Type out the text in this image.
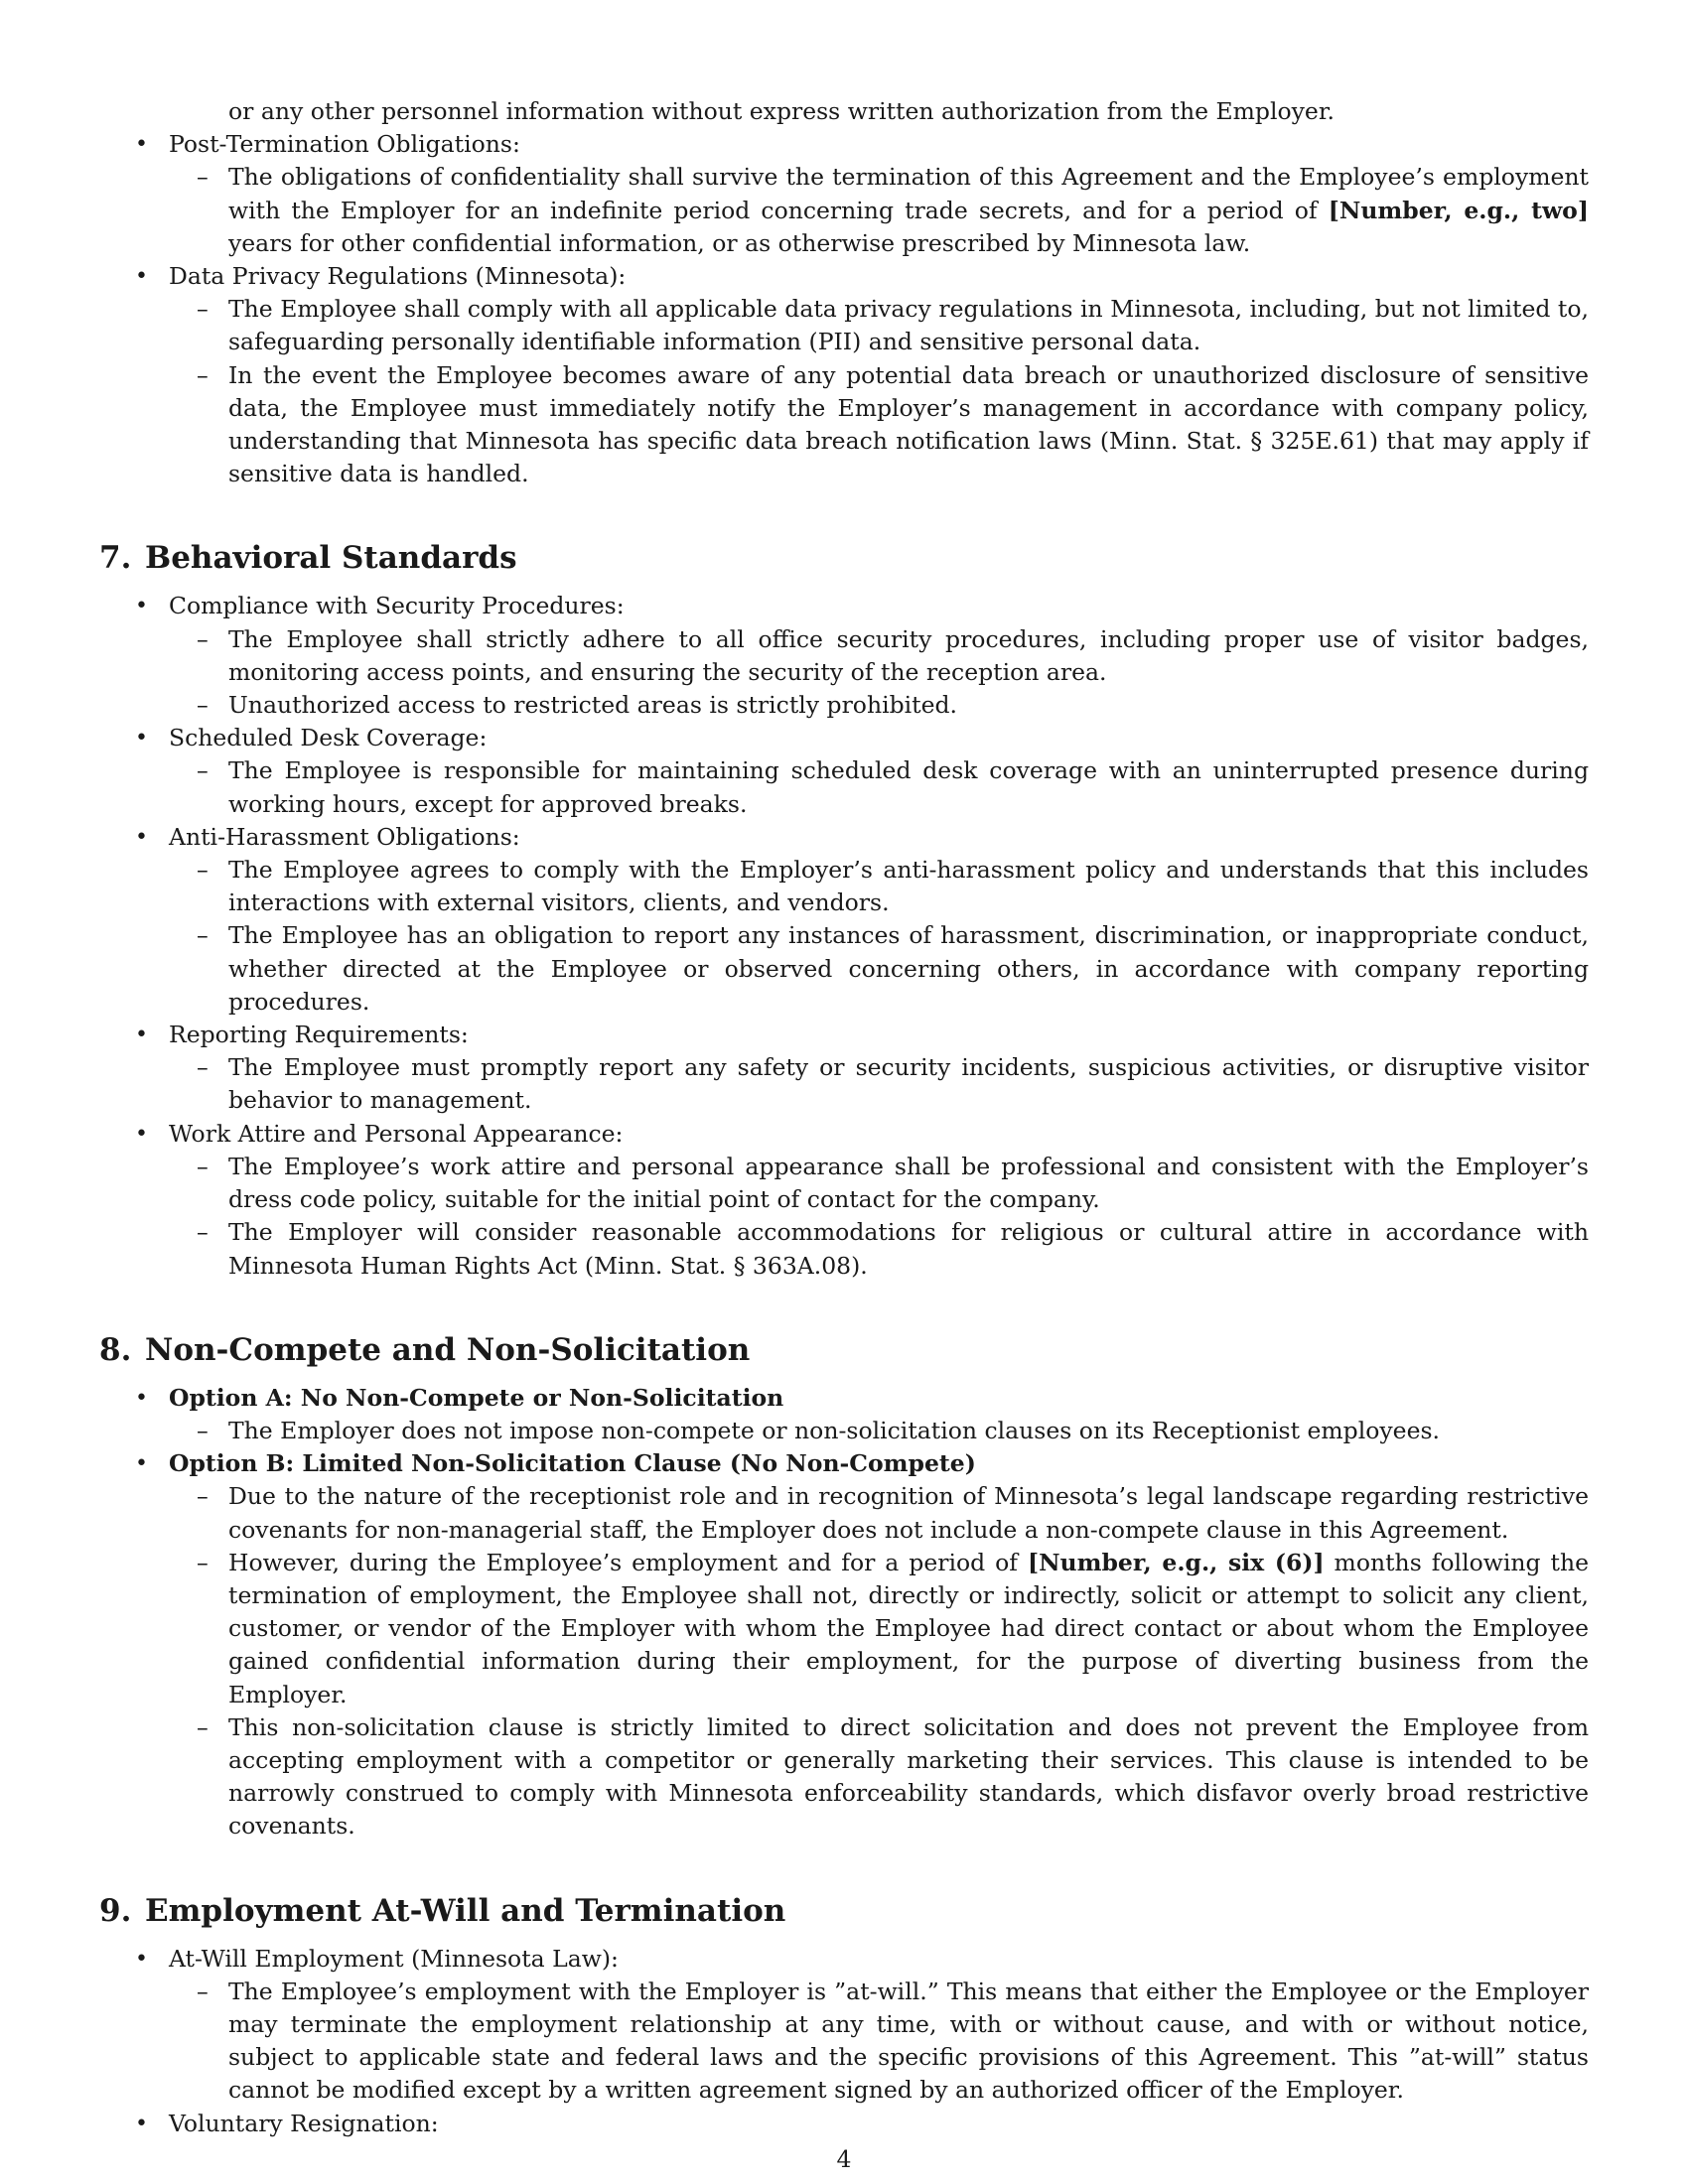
or any other personnel information without express written authorization from the Employer.
• Post-Termination Obligations:
– The obligations of confidentiality shall survive the termination of this Agreement and the Employee’s employment with the Employer for an indefinite period concerning trade secrets, and for a period of [Number, e.g., two] years for other confidential information, or as otherwise prescribed by Minnesota law.
• Data Privacy Regulations (Minnesota):
– The Employee shall comply with all applicable data privacy regulations in Minnesota, including, but not limited to, safeguarding personally identifiable information (PII) and sensitive personal data.
– In the event the Employee becomes aware of any potential data breach or unauthorized disclosure of sensitive data, the Employee must immediately notify the Employer’s management in accordance with company policy, understanding that Minnesota has specific data breach notification laws (Minn. Stat. § 325E.61) that may apply if sensitive data is handled.
7. Behavioral Standards
• Compliance with Security Procedures:
– The Employee shall strictly adhere to all office security procedures, including proper use of visitor badges, monitoring access points, and ensuring the security of the reception area.
– Unauthorized access to restricted areas is strictly prohibited.
• Scheduled Desk Coverage:
– The Employee is responsible for maintaining scheduled desk coverage with an uninterrupted presence during working hours, except for approved breaks.
• Anti-Harassment Obligations:
– The Employee agrees to comply with the Employer’s anti-harassment policy and understands that this includes interactions with external visitors, clients, and vendors.
– The Employee has an obligation to report any instances of harassment, discrimination, or inappropriate conduct, whether directed at the Employee or observed concerning others, in accordance with company reporting procedures.
• Reporting Requirements:
– The Employee must promptly report any safety or security incidents, suspicious activities, or disruptive visitor behavior to management.
• Work Attire and Personal Appearance:
– The Employee’s work attire and personal appearance shall be professional and consistent with the Employer’s dress code policy, suitable for the initial point of contact for the company.
– The Employer will consider reasonable accommodations for religious or cultural attire in accordance with Minnesota Human Rights Act (Minn. Stat. § 363A.08).
8. Non-Compete and Non-Solicitation
• Option A: No Non-Compete or Non-Solicitation
– The Employer does not impose non-compete or non-solicitation clauses on its Receptionist employees.
• Option B: Limited Non-Solicitation Clause (No Non-Compete)
– Due to the nature of the receptionist role and in recognition of Minnesota’s legal landscape regarding restrictive covenants for non-managerial staff, the Employer does not include a non-compete clause in this Agreement.
– However, during the Employee’s employment and for a period of [Number, e.g., six (6)] months following the termination of employment, the Employee shall not, directly or indirectly, solicit or attempt to solicit any client, customer, or vendor of the Employer with whom the Employee had direct contact or about whom the Employee gained confidential information during their employment, for the purpose of diverting business from the Employer.
– This non-solicitation clause is strictly limited to direct solicitation and does not prevent the Employee from accepting employment with a competitor or generally marketing their services. This clause is intended to be narrowly construed to comply with Minnesota enforceability standards, which disfavor overly broad restrictive covenants.
9. Employment At-Will and Termination
• At-Will Employment (Minnesota Law):
– The Employee’s employment with the Employer is ”at-will.” This means that either the Employee or the Employer may terminate the employment relationship at any time, with or without cause, and with or without notice, subject to applicable state and federal laws and the specific provisions of this Agreement. This ”at-will” status cannot be modified except by a written agreement signed by an authorized officer of the Employer.
• Voluntary Resignation:
4
